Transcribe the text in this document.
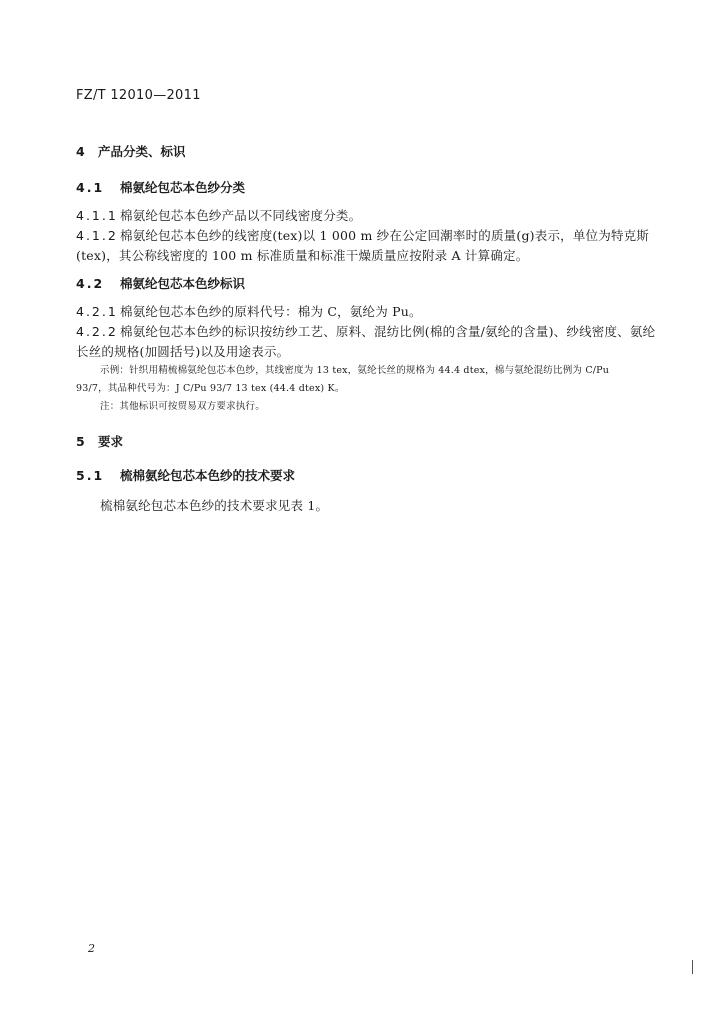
FZ/T 12010—2011
4 产品分类、标识
4.1 棉氨纶包芯本色纱分类
4.1.1 棉氨纶包芯本色纱产品以不同线密度分类。
4.1.2 棉氨纶包芯本色纱的线密度(tex)以 1 000 m 纱在公定回潮率时的质量(g)表示，单位为特克斯
(tex)，其公称线密度的 100 m 标准质量和标准干燥质量应按附录 A 计算确定。
4.2 棉氨纶包芯本色纱标识
4.2.1 棉氨纶包芯本色纱的原料代号：棉为 C，氨纶为 Pu。
4.2.2 棉氨纶包芯本色纱的标识按纺纱工艺、原料、混纺比例(棉的含量/氨纶的含量)、纱线密度、氨纶
长丝的规格(加圆括号)以及用途表示。
示例：针织用精梳棉氨纶包芯本色纱，其线密度为 13 tex，氨纶长丝的规格为 44.4 dtex，棉与氨纶混纺比例为 C/Pu
93/7，其品种代号为：J C/Pu 93/7 13 tex (44.4 dtex) K。
注：其他标识可按贸易双方要求执行。
5 要求
5.1 梳棉氨纶包芯本色纱的技术要求
梳棉氨纶包芯本色纱的技术要求见表 1。
2
